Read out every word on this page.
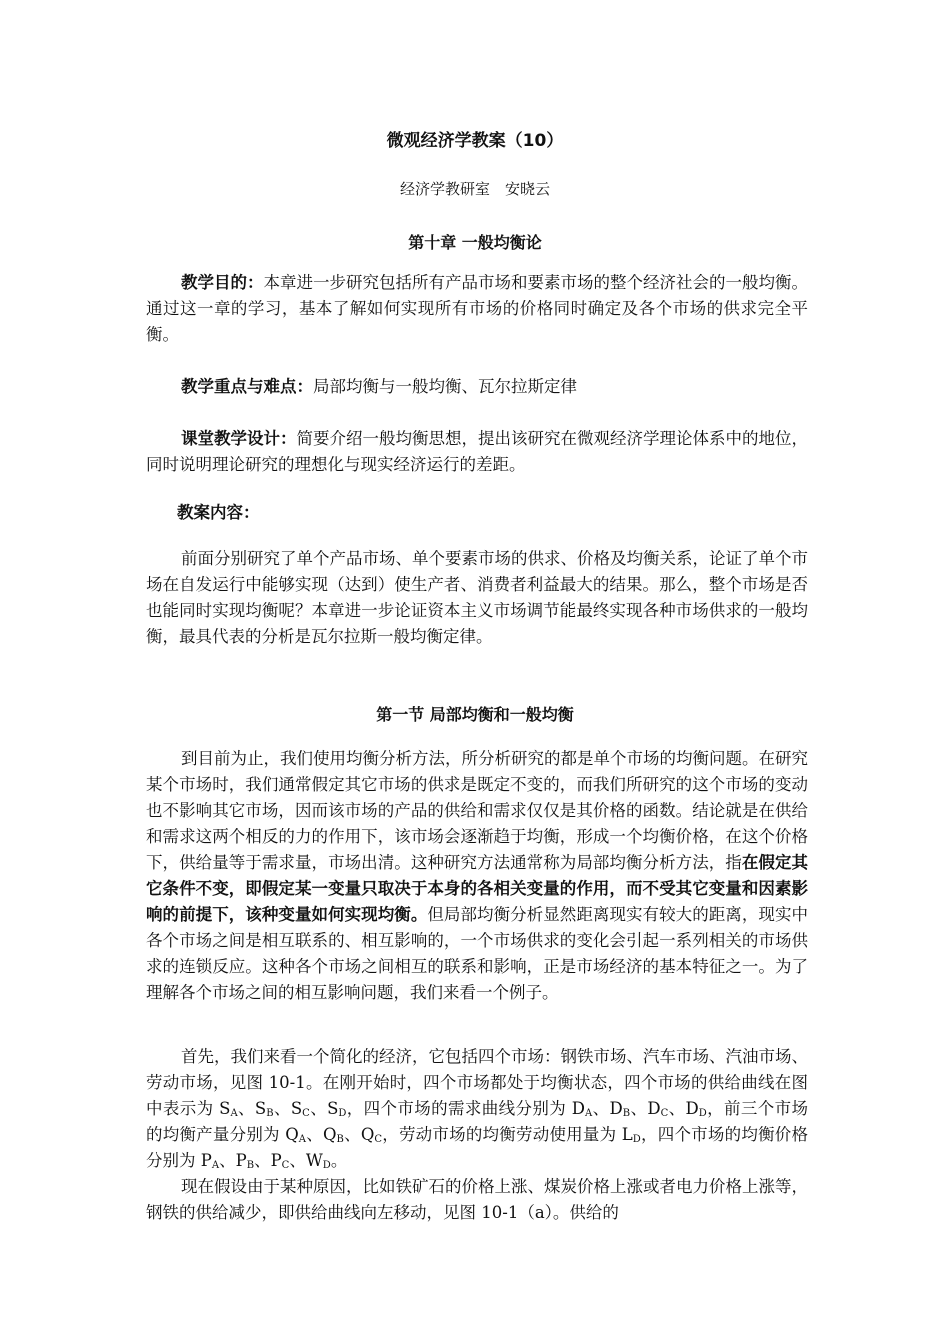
微观经济学教案（10）
经济学教研室　安晓云
第十章 一般均衡论

教学目的：本章进一步研究包括所有产品市场和要素市场的整个经济社会的一般均衡。通过这一章的学习，基本了解如何实现所有市场的价格同时确定及各个市场的供求完全平衡。

教学重点与难点：局部均衡与一般均衡、瓦尔拉斯定律

课堂教学设计：简要介绍一般均衡思想，提出该研究在微观经济学理论体系中的地位，同时说明理论研究的理想化与现实经济运行的差距。

教案内容：

前面分别研究了单个产品市场、单个要素市场的供求、价格及均衡关系，论证了单个市场在自发运行中能够实现（达到）使生产者、消费者利益最大的结果。那么，整个市场是否也能同时实现均衡呢？本章进一步论证资本主义市场调节能最终实现各种市场供求的一般均衡，最具代表的分析是瓦尔拉斯一般均衡定律。

第一节 局部均衡和一般均衡

到目前为止，我们使用均衡分析方法，所分析研究的都是单个市场的均衡问题。在研究某个市场时，我们通常假定其它市场的供求是既定不变的，而我们所研究的这个市场的变动也不影响其它市场，因而该市场的产品的供给和需求仅仅是其价格的函数。结论就是在供给和需求这两个相反的力的作用下，该市场会逐渐趋于均衡，形成一个均衡价格，在这个价格下，供给量等于需求量，市场出清。这种研究方法通常称为局部均衡分析方法，指在假定其它条件不变，即假定某一变量只取决于本身的各相关变量的作用，而不受其它变量和因素影响的前提下，该种变量如何实现均衡。但局部均衡分析显然距离现实有较大的距离，现实中各个市场之间是相互联系的、相互影响的，一个市场供求的变化会引起一系列相关的市场供求的连锁反应。这种各个市场之间相互的联系和影响，正是市场经济的基本特征之一。为了理解各个市场之间的相互影响问题，我们来看一个例子。

首先，我们来看一个简化的经济，它包括四个市场：钢铁市场、汽车市场、汽油市场、劳动市场，见图 10-1。在刚开始时，四个市场都处于均衡状态，四个市场的供给曲线在图中表示为 $S_A$、$S_B$、$S_C$、$S_D$，四个市场的需求曲线分别为 $D_A$、$D_B$、$D_C$、$D_D$，前三个市场的均衡产量分别为 $Q_A$、$Q_B$、$Q_C$，劳动市场的均衡劳动使用量为 $L_D$，四个市场的均衡价格分别为 $P_A$、$P_B$、$P_C$、$W_D$。

现在假设由于某种原因，比如铁矿石的价格上涨、煤炭价格上涨或者电力价格上涨等，钢铁的供给减少，即供给曲线向左移动，见图 10-1（a）。供给的
